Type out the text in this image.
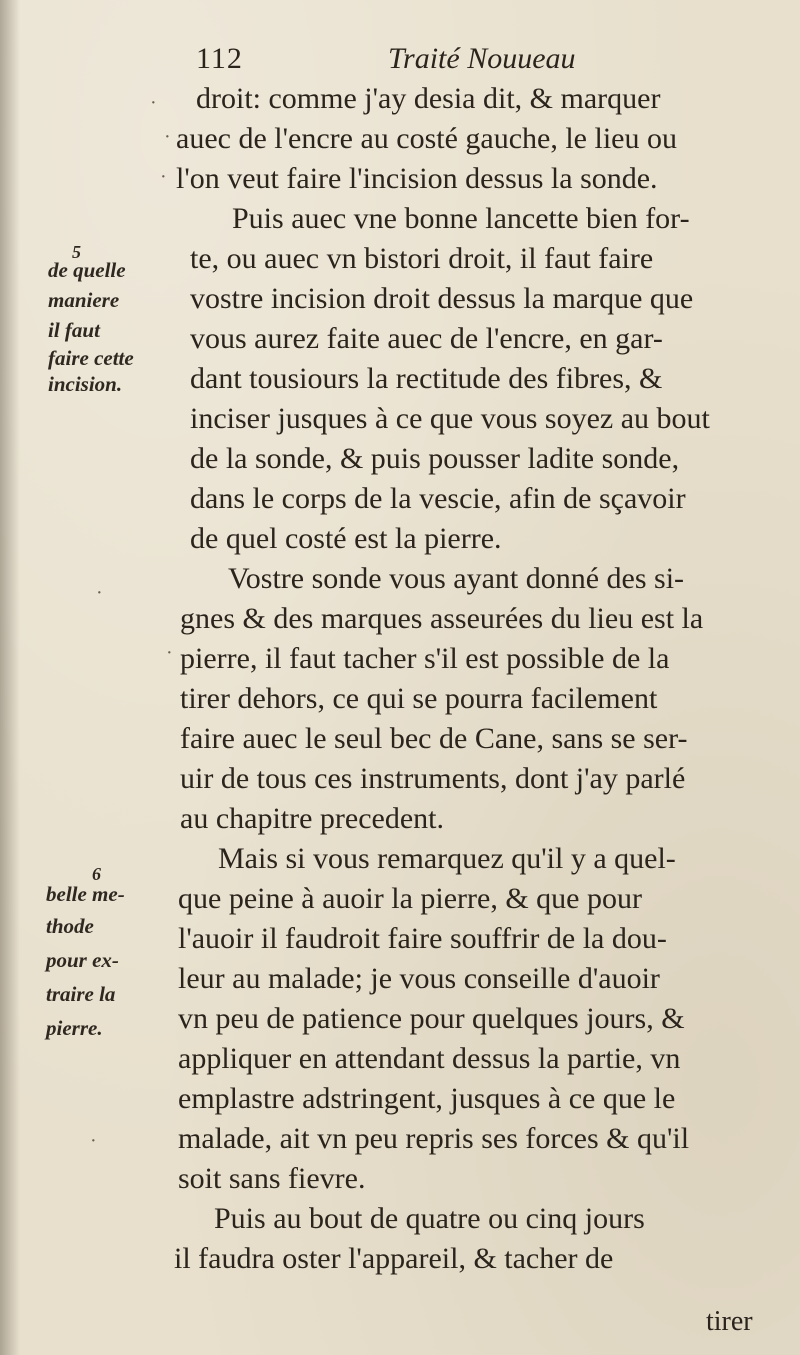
112	Traité Nouueau
droit: comme j'ay desia dit, & marquer
auec de l'encre au costé gauche, le lieu ou
l'on veut faire l'incision dessus la sonde.
Puis auec vne bonne lancette bien for-
te, ou auec vn bistori droit, il faut faire
vostre incision droit dessus la marque que
vous aurez faite auec de l'encre, en gar-
dant tousiours la rectitude des fibres, &
inciser jusques à ce que vous soyez au bout
de la sonde, & puis pousser ladite sonde,
dans le corps de la vescie, afin de sçavoir
de quel costé est la pierre.
Vostre sonde vous ayant donné des si-
gnes & des marques asseurées du lieu est la
pierre, il faut tacher s'il est possible de la
tirer dehors, ce qui se pourra facilement
faire auec le seul bec de Cane, sans se ser-
uir de tous ces instruments, dont j'ay parlé
au chapitre precedent.
Mais si vous remarquez qu'il y a quel-
que peine à auoir la pierre, & que pour
l'auoir il faudroit faire souffrir de la dou-
leur au malade; je vous conseille d'auoir
vn peu de patience pour quelques jours, &
appliquer en attendant dessus la partie, vn
emplastre adstringent, jusques à ce que le
malade, ait vn peu repris ses forces & qu'il
soit sans fievre.
Puis au bout de quatre ou cinq jours
il faudra oster l'appareil, & tacher de
tirer
5
de quelle
maniere
il faut
faire cette
incision.
6
belle me-
thode
pour ex-
traire la
pierre.
·
·
·
·
·
·
